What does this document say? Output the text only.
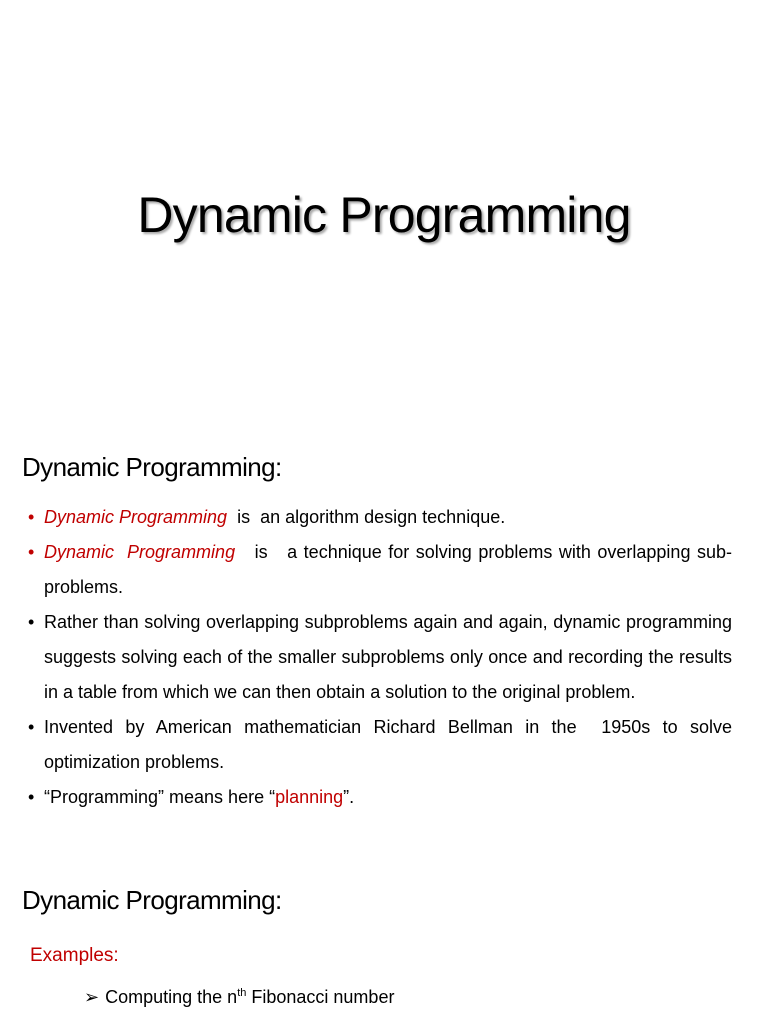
Dynamic Programming
Dynamic Programming:
• Dynamic Programming  is  an algorithm design technique.
• Dynamic  Programming   is   a technique for solving problems with overlapping sub-problems.
• Rather than solving overlapping subproblems again and again, dynamic programming suggests solving each of the smaller subproblems only once and recording the results in a table from which we can then obtain a solution to the original problem.
• Invented by American mathematician Richard Bellman in the  1950s to solve optimization problems.
• “Programming” means here “planning”.
Dynamic Programming:

Examples:

➢ Computing the $n^{th}$ Fibonacci number
